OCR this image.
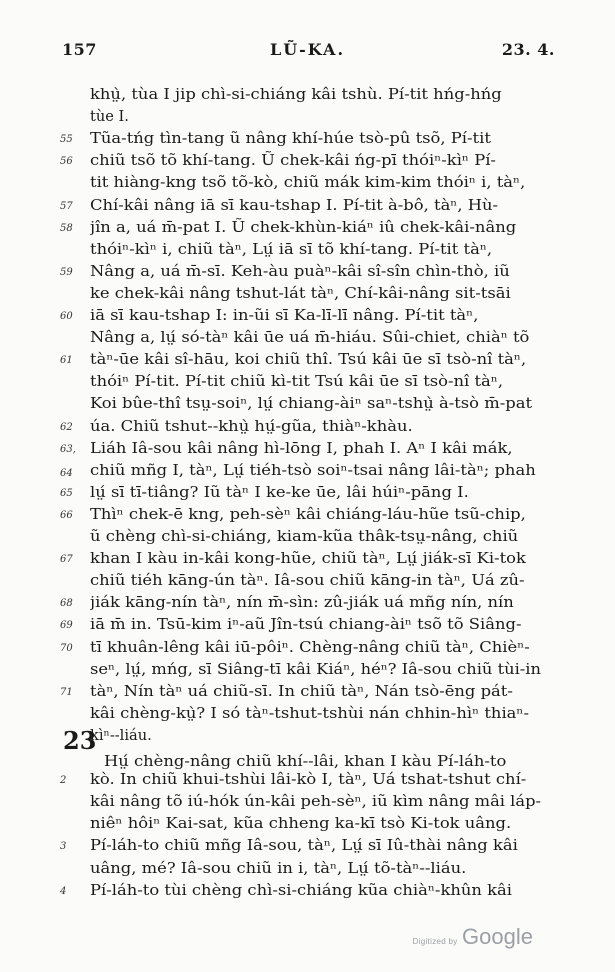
157	LŨ-KA.	23. 4.
khṳ̀, tùa I jip chì-si-chiáng kâi tshù. Pí-tit hńg-hńg
tùe I.
55	Tũa-tńg tìn-tang ũ nâng khí-húe tsò-pû tsõ, Pí-tit
56	chiũ tsõ tõ khí-tang. Ũ chek-kâi ńg-pī thóiⁿ-kìⁿ Pí-
tit hiàng-kng tsõ tõ-kò, chiũ mák kim-kim thóiⁿ i, tàⁿ,
57	Chí-kâi nâng iā sī kau-tshap I. Pí-tit à-bô, tàⁿ, Hù-
58	jîn a, uá m̄-pat I. Ũ chek-khùn-kiáⁿ iû chek-kâi-nâng
thóiⁿ-kìⁿ i, chiũ tàⁿ, Lṳ́ iā sī tõ khí-tang. Pí-tit tàⁿ,
59	Nâng a, uá m̄-sī. Keh-àu puàⁿ-kâi sî-sîn chìn-thò, iũ
ke chek-kâi nâng tshut-lát tàⁿ, Chí-kâi-nâng sit-tsāi
60	iā sī kau-tshap I: in-ũi sī Ka-lī-lī nâng. Pí-tit tàⁿ,
Nâng a, lṳ́ só-tàⁿ kâi ūe uá m̄-hiáu. Sûi-chiet, chiàⁿ tõ
61	tàⁿ-ūe kâi sî-hāu, koi chiũ thî. Tsú kâi ūe sī tsò-nî tàⁿ,
thóiⁿ Pí-tit. Pí-tit chiũ kì-tit Tsú kâi ūe sī tsò-nî tàⁿ,
Koi bûe-thî tsṳ-soiⁿ, lṳ́ chiang-àiⁿ saⁿ-tshṳ̀ à-tsò m̄-pat
62	úa. Chiũ tshut--khṳ̀ hṳ́-gũa, thiàⁿ-khàu.
63, 64
Liáh Iâ-sou kâi nâng hì-lōng I, phah I. Aⁿ I kâi mák,
chiũ mñg I, tàⁿ, Lṳ́ tiéh-tsò soiⁿ-tsai nâng lâi-tàⁿ; phah
65	lṳ́ sī tī-tiâng? Iũ tàⁿ I ke-ke ūe, lâi húiⁿ-pāng I.
66	Thìⁿ chek-ē kng, peh-sèⁿ kâi chiáng-láu-hũe tsũ-chip,
ũ chèng chì-si-chiáng, kiam-kũa thâk-tsṳ-nâng, chiũ
67	khan I kàu in-kâi kong-hũe, chiũ tàⁿ, Lṳ́ jiák-sī Ki-tok
chiũ tiéh kāng-ún tàⁿ. Iâ-sou chiũ kāng-in tàⁿ, Uá zû-
68	jiák kāng-nín tàⁿ, nín m̄-sìn: zû-jiák uá mñg nín, nín
69	iā m̄ in. Tsū-kim iⁿ-aũ Jîn-tsú chiang-àiⁿ tsõ tõ Siâng-
70	tī khuân-lêng kâi iū-pôiⁿ. Chèng-nâng chiũ tàⁿ, Chièⁿ-
seⁿ, lṳ́, mńg, sī Siâng-tī kâi Kiáⁿ, héⁿ? Iâ-sou chiũ tùi-in
71	tàⁿ, Nín tàⁿ uá chiũ-sī. In chiũ tàⁿ, Nán tsò-ēng pát-
kâi chèng-kṳ̀? I só tàⁿ-tshut-tshùi nán chhin-hìⁿ thiaⁿ-
kìⁿ--liáu.
Hṳ́ chèng-nâng chiũ khí--lâi, khan I kàu Pí-láh-to
2	kò. In chiũ khui-tshùi lâi-kò I, tàⁿ, Uá tshat-tshut chí-
kâi nâng tõ iú-hók ún-kâi peh-sèⁿ, iũ kìm nâng mâi láp-
niêⁿ hôiⁿ Kai-sat, kũa chheng ka-kī tsò Ki-tok uâng.
3	Pí-láh-to chiũ mñg Iâ-sou, tàⁿ, Lṳ́ sī Iû-thài nâng kâi
uâng, mé? Iâ-sou chiũ in i, tàⁿ, Lṳ́ tõ-tàⁿ--liáu.
4	Pí-láh-to tùi chèng chì-si-chiáng kũa chiàⁿ-khûn kâi
23
Digitized by Google
